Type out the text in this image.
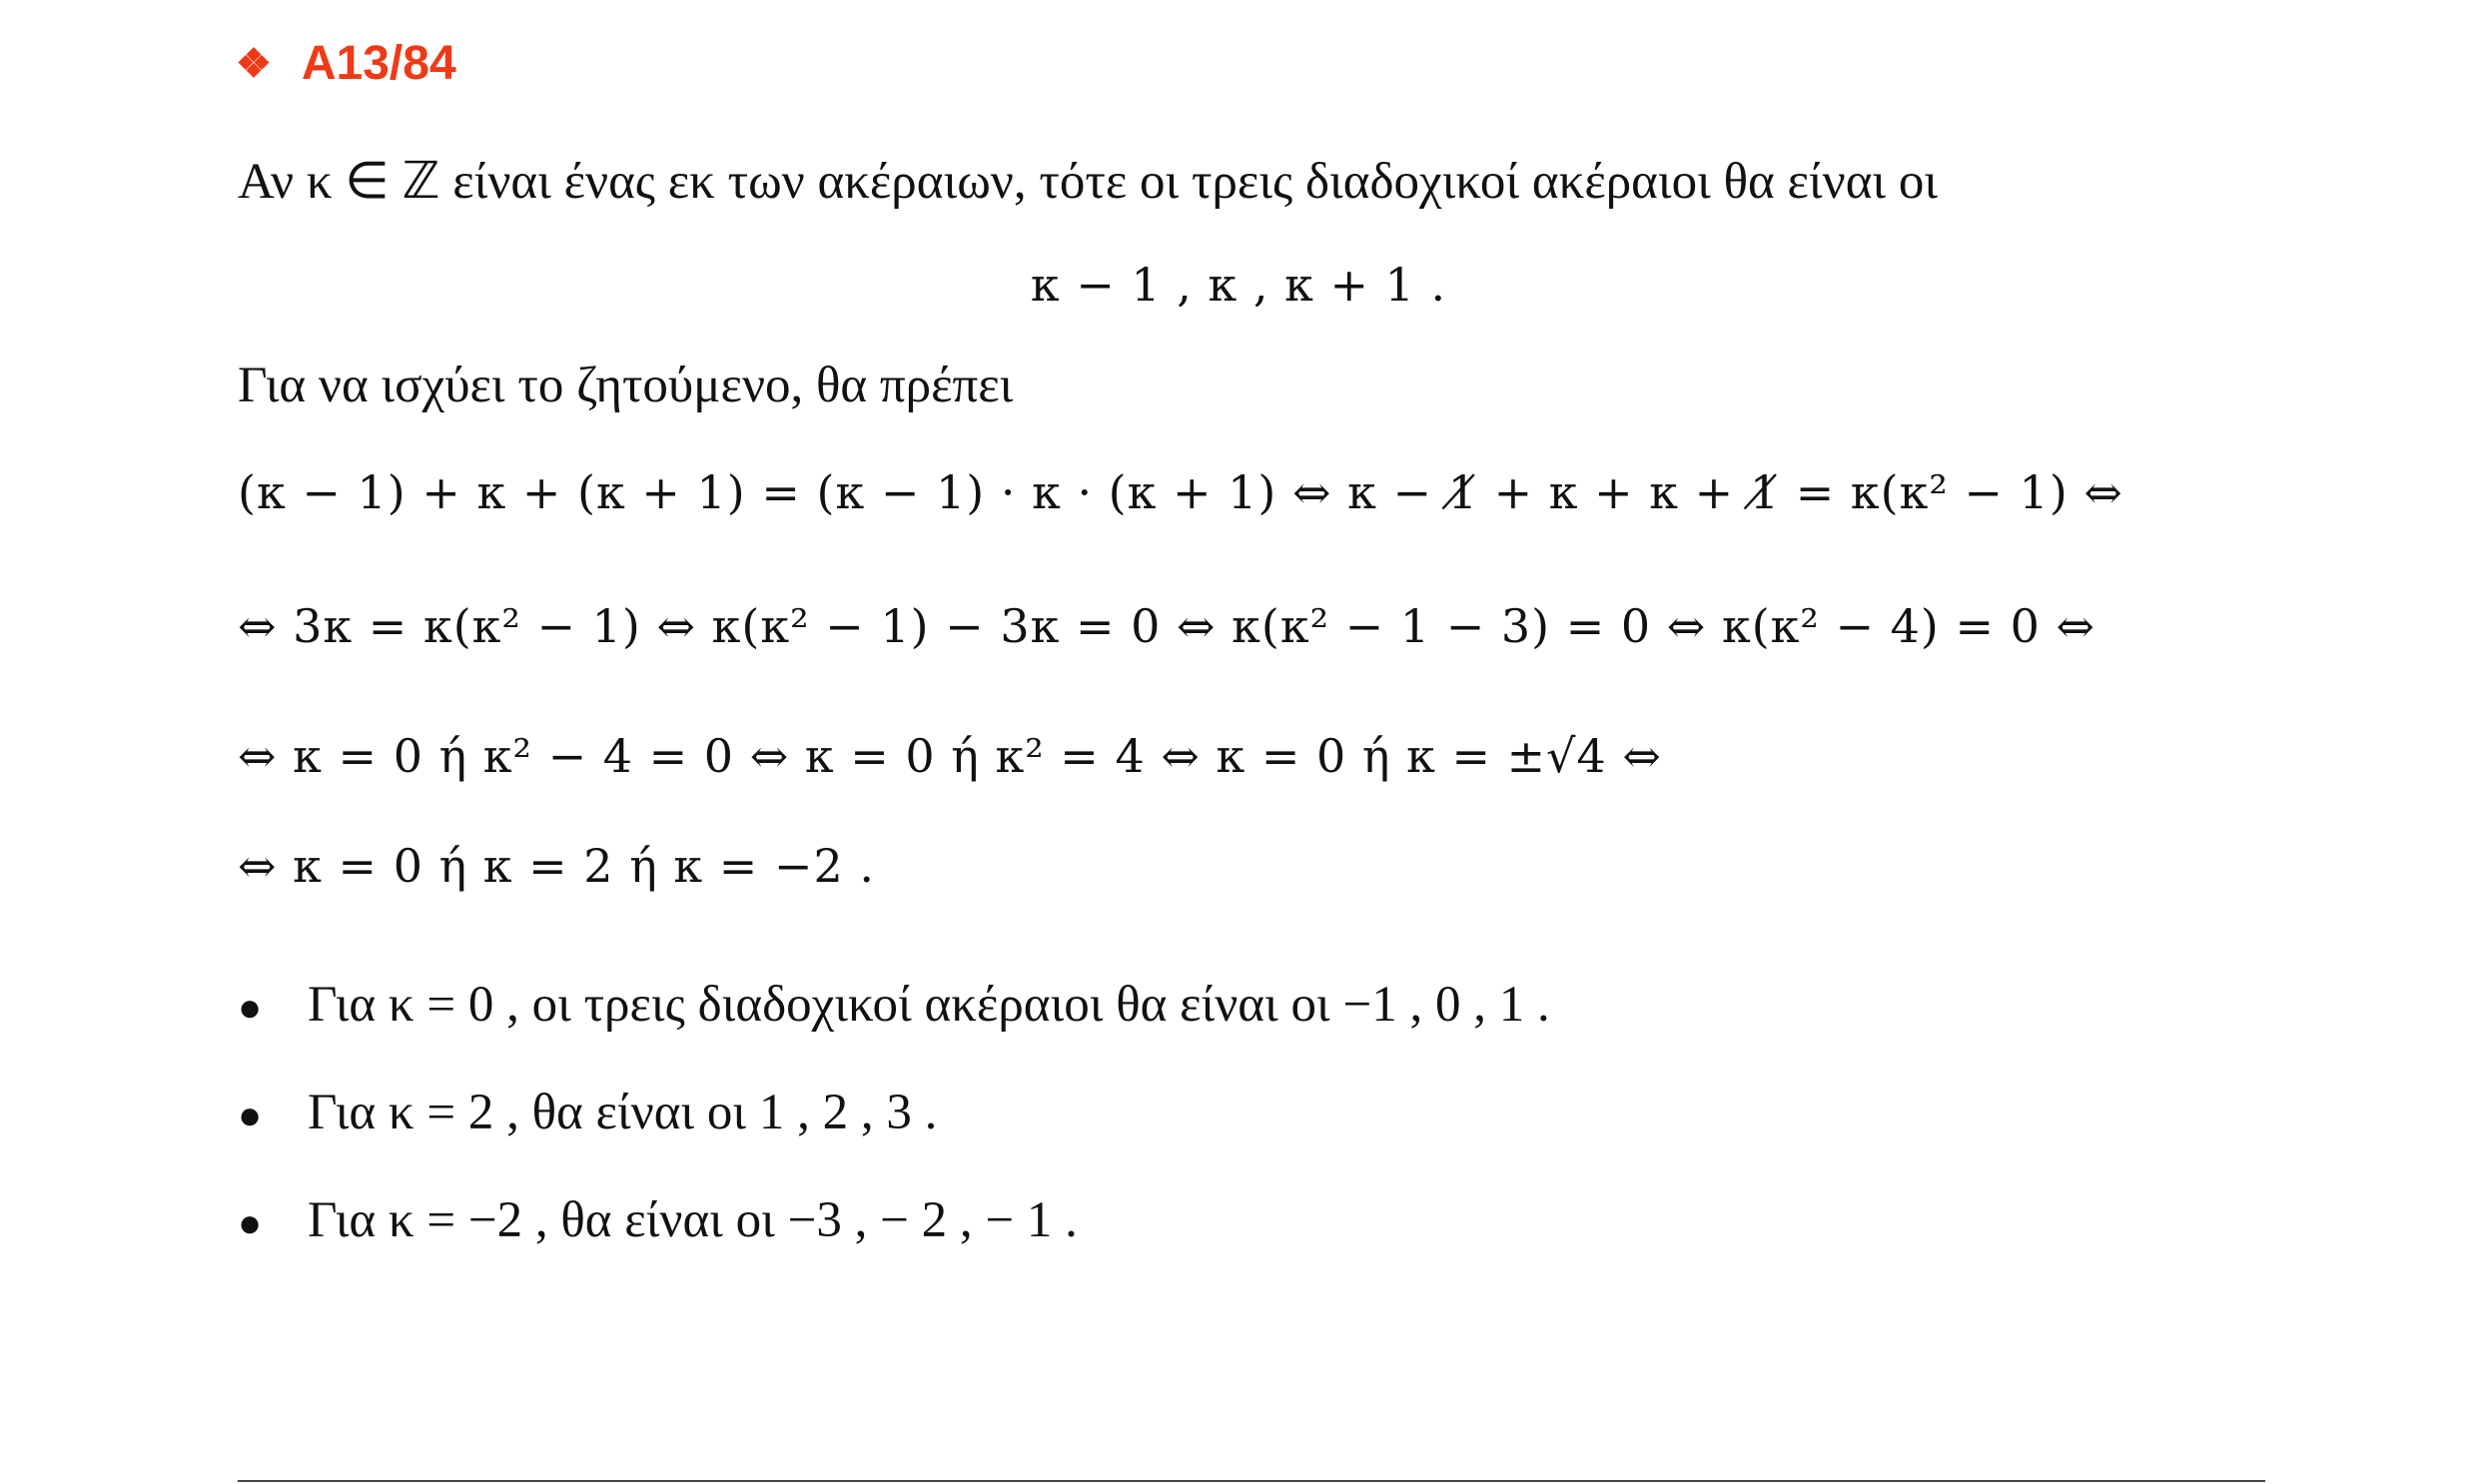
❖ A13/84
Αν κ ∈ ℤ είναι ένας εκ των ακέραιων, τότε οι τρεις διαδοχικοί ακέραιοι θα είναι οι
κ − 1 , κ , κ + 1 .
Για να ισχύει το ζητούμενο, θα πρέπει
(κ − 1) + κ + (κ + 1) = (κ − 1) · κ · (κ + 1) ⇔ κ − 1̸ + κ + κ + 1̸ = κ(κ² − 1) ⇔
⇔ 3κ = κ(κ² − 1) ⇔ κ(κ² − 1) − 3κ = 0 ⇔ κ(κ² − 1 − 3) = 0 ⇔ κ(κ² − 4) = 0 ⇔
⇔ κ = 0 ή κ² − 4 = 0 ⇔ κ = 0 ή κ² = 4 ⇔ κ = 0 ή κ = ±√4 ⇔
⇔ κ = 0 ή κ = 2 ή κ = −2 .
● Για κ = 0 , οι τρεις διαδοχικοί ακέραιοι θα είναι οι −1 , 0 , 1 .
● Για κ = 2 , θα είναι οι 1 , 2 , 3 .
● Για κ = −2 , θα είναι οι −3 , − 2 , − 1 .
